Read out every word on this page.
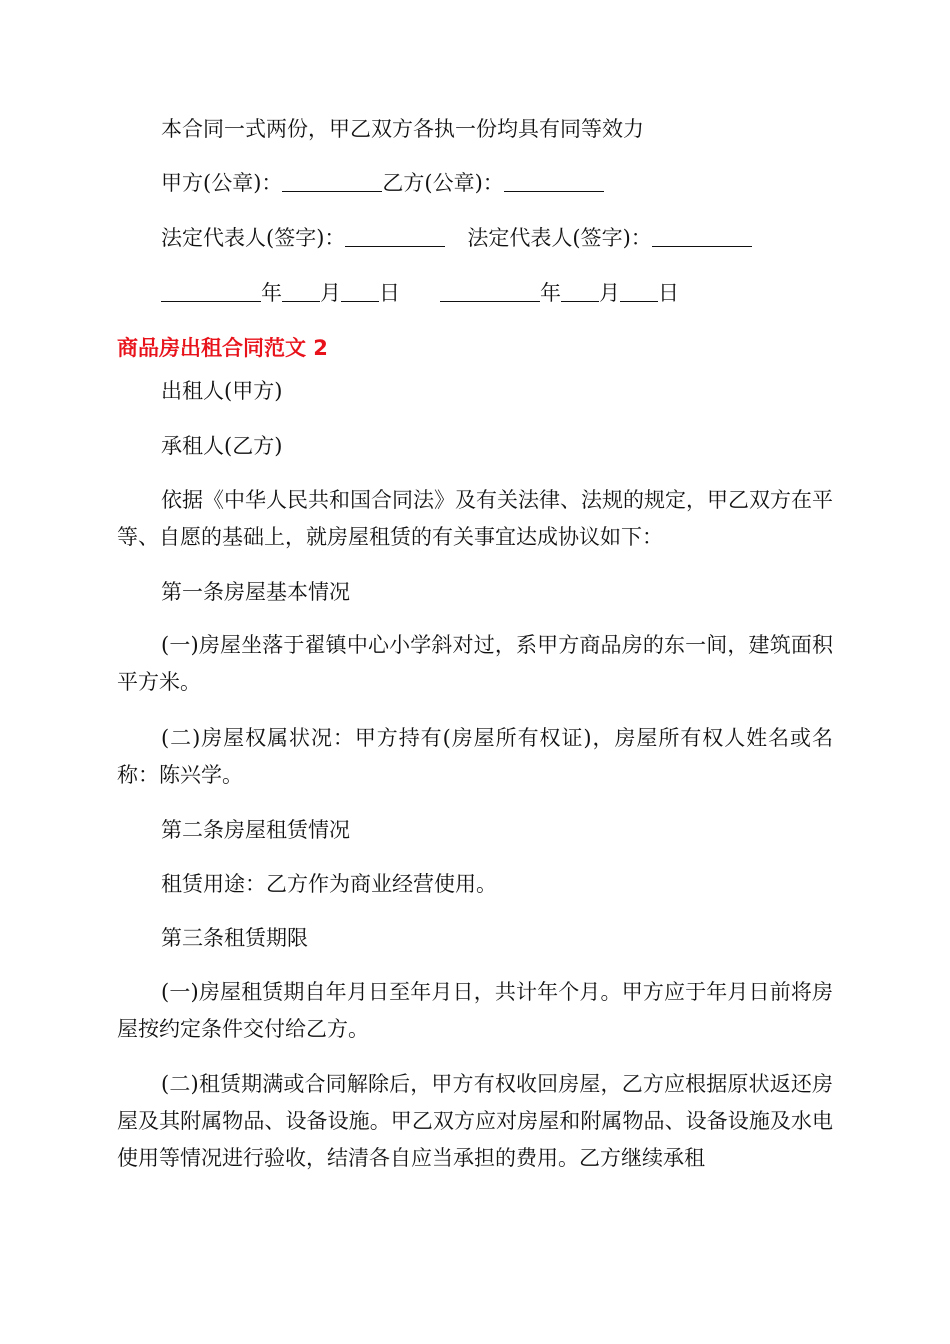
本合同一式两份，甲乙双方各执一份均具有同等效力
甲方(公章)：	乙方(公章)：
法定代表人(签字)：	法定代表人(签字)：
年 月 日	年 月 日
商品房出租合同范文 2
出租人(甲方)
承租人(乙方)
依据《中华人民共和国合同法》及有关法律、法规的规定，甲乙双方在平等、自愿的基础上，就房屋租赁的有关事宜达成协议如下：
第一条房屋基本情况
(一)房屋坐落于翟镇中心小学斜对过，系甲方商品房的东一间，建筑面积平方米。
(二)房屋权属状况：甲方持有(房屋所有权证)，房屋所有权人姓名或名称：陈兴学。
第二条房屋租赁情况
租赁用途：乙方作为商业经营使用。
第三条租赁期限
(一)房屋租赁期自年月日至年月日，共计年个月。甲方应于年月日前将房屋按约定条件交付给乙方。
(二)租赁期满或合同解除后，甲方有权收回房屋，乙方应根据原状返还房屋及其附属物品、设备设施。甲乙双方应对房屋和附属物品、设备设施及水电使用等情况进行验收，结清各自应当承担的费用。乙方继续承租
